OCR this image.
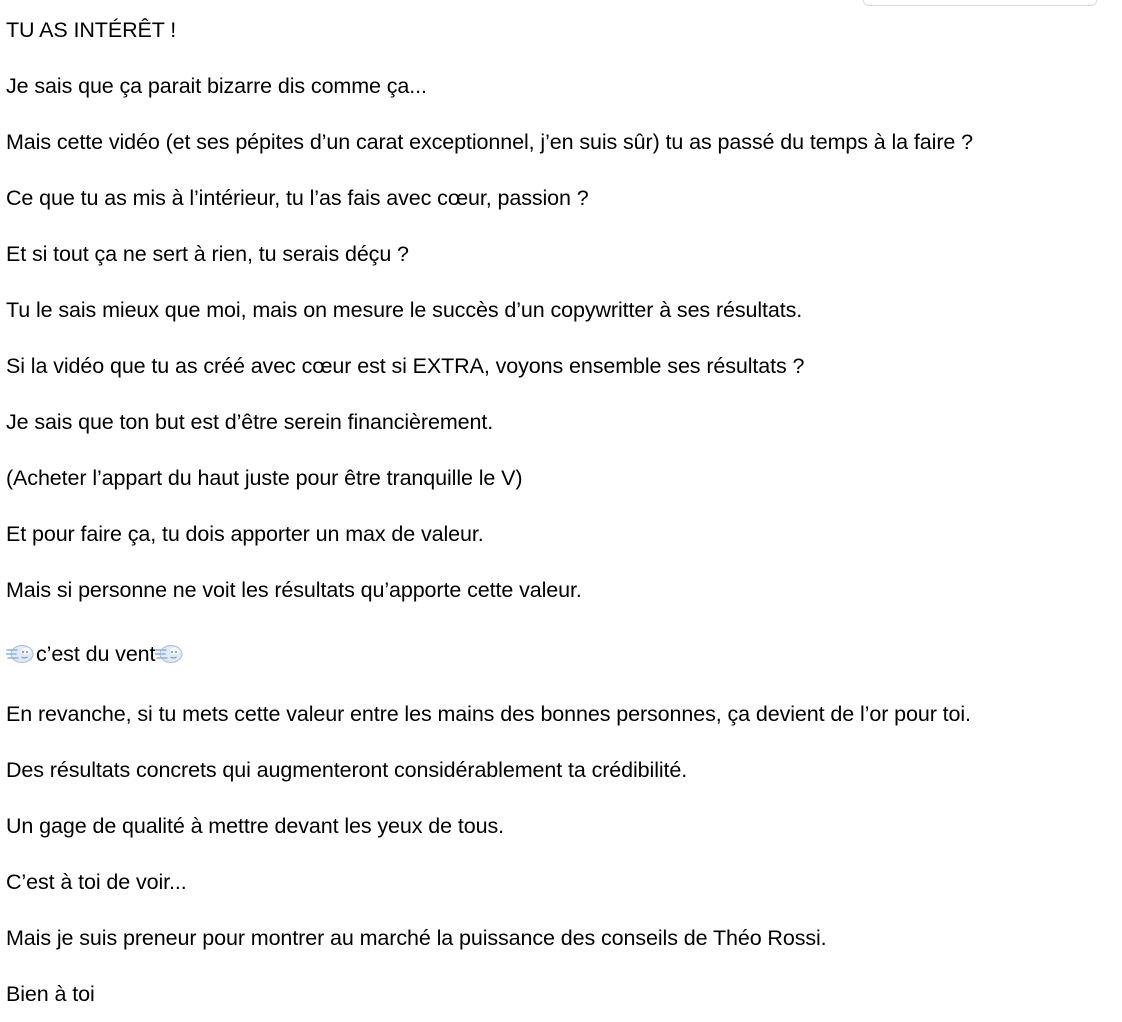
TU AS INTÉRÊT !
Je sais que ça parait bizarre dis comme ça...
Mais cette vidéo (et ses pépites d’un carat exceptionnel, j’en suis sûr) tu as passé du temps à la faire ?
Ce que tu as mis à l’intérieur, tu l’as fais avec cœur, passion ?
Et si tout ça ne sert à rien, tu serais déçu ?
Tu le sais mieux que moi, mais on mesure le succès d’un copywritter à ses résultats.
Si la vidéo que tu as créé avec cœur est si EXTRA, voyons ensemble ses résultats ?
Je sais que ton but est d’être serein financièrement.
(Acheter l’appart du haut juste pour être tranquille le V)
Et pour faire ça, tu dois apporter un max de valeur.
Mais si personne ne voit les résultats qu’apporte cette valeur.
c’est du vent
En revanche, si tu mets cette valeur entre les mains des bonnes personnes, ça devient de l’or pour toi.
Des résultats concrets qui augmenteront considérablement ta crédibilité.
Un gage de qualité à mettre devant les yeux de tous.
C’est à toi de voir...
Mais je suis preneur pour montrer au marché la puissance des conseils de Théo Rossi.
Bien à toi
